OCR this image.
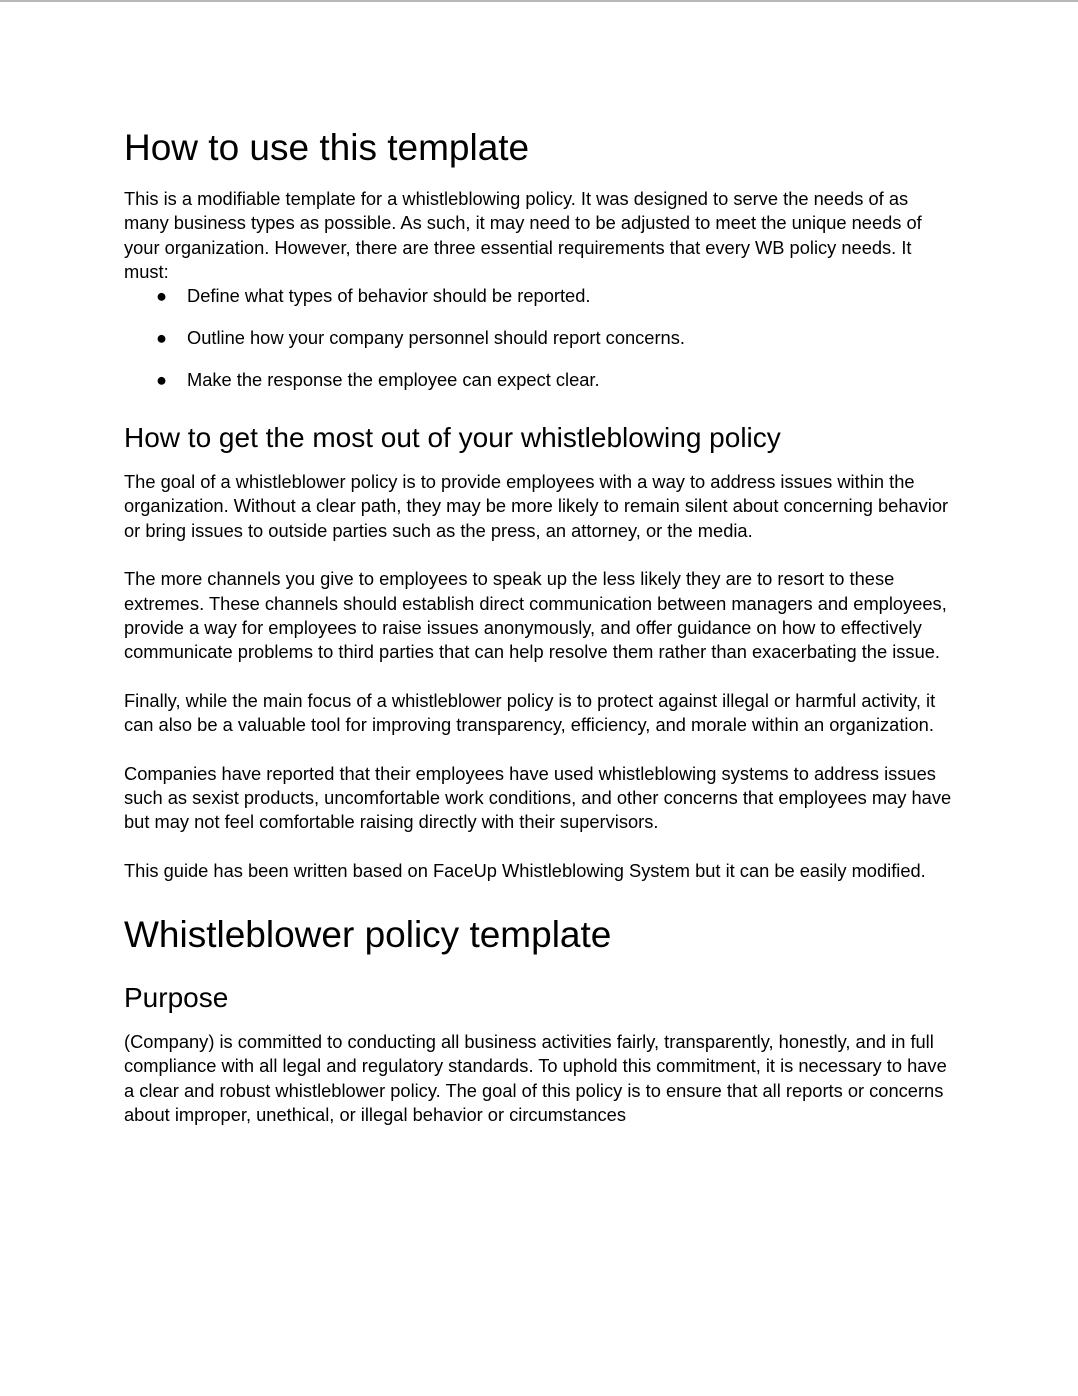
How to use this template

This is a modifiable template for a whistleblowing policy. It was designed to serve the needs of as many business types as possible. As such, it may need to be adjusted to meet the unique needs of your organization. However, there are three essential requirements that every WB policy needs. It must:

● Define what types of behavior should be reported.
● Outline how your company personnel should report concerns.
● Make the response the employee can expect clear.
How to get the most out of your whistleblowing policy

The goal of a whistleblower policy is to provide employees with a way to address issues within the organization. Without a clear path, they may be more likely to remain silent about concerning behavior or bring issues to outside parties such as the press, an attorney, or the media.

The more channels you give to employees to speak up the less likely they are to resort to these extremes. These channels should establish direct communication between managers and employees, provide a way for employees to raise issues anonymously, and offer guidance on how to effectively communicate problems to third parties that can help resolve them rather than exacerbating the issue.

Finally, while the main focus of a whistleblower policy is to protect against illegal or harmful activity, it can also be a valuable tool for improving transparency, efficiency, and morale within an organization.

Companies have reported that their employees have used whistleblowing systems to address issues such as sexist products, uncomfortable work conditions, and other concerns that employees may have but may not feel comfortable raising directly with their supervisors.

This guide has been written based on FaceUp Whistleblowing System but it can be easily modified.

Whistleblower policy template
Purpose

(Company) is committed to conducting all business activities fairly, transparently, honestly, and in full compliance with all legal and regulatory standards. To uphold this commitment, it is necessary to have a clear and robust whistleblower policy. The goal of this policy is to ensure that all reports or concerns about improper, unethical, or illegal behavior or circumstances
